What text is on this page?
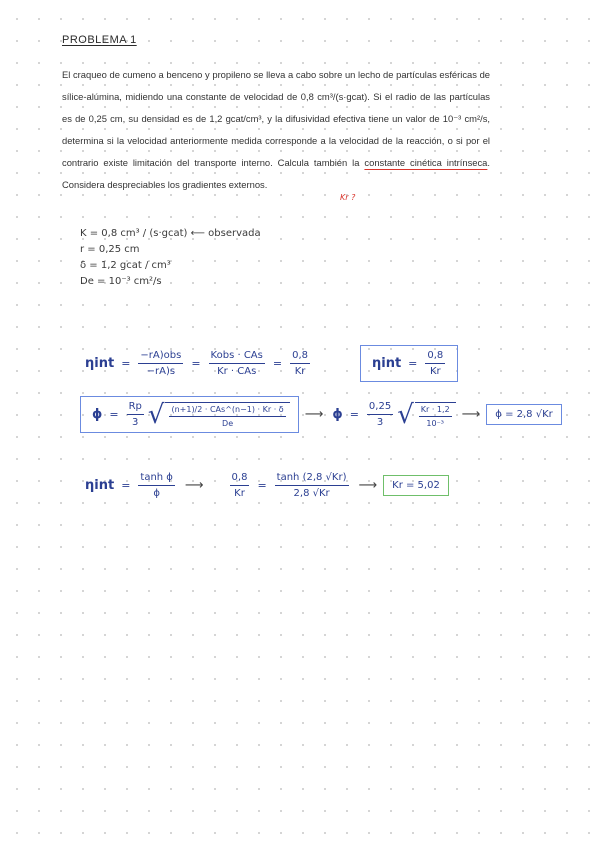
PROBLEMA 1
El craqueo de cumeno a benceno y propileno se lleva a cabo sobre un lecho de partículas esféricas de sílice-alúmina, midiendo una constante de velocidad de 0,8 cm³/(s·gcat). Si el radio de las partículas es de 0,25 cm, su densidad es de 1,2 gcat/cm³, y la difusividad efectiva tiene un valor de 10⁻³ cm²/s, determina si la velocidad anteriormente medida corresponde a la velocidad de la reacción, o si por el contrario existe limitación del transporte interno. Calcula también la constante cinética intrínseca. Considera despreciables los gradientes externos.
Kr ?
K = 0,8 cm³ / (s·gcat) ⟵ observada
r = 0,25 cm
δ = 1,2 gcat / cm³
De = 10⁻³ cm²/s
$\eta int = \frac{\text{−rA)obs}}{-rA)s} = \frac{\text{Kobs · CAs}}{\text{Kr · CAs}} = \frac{0,8}{Kr}$	$\eta int = \frac{0,8}{Kr}$
$\phi = \frac{Rp}{3}$ √ $\frac{\text{(n+1)/2 · CAs\textasciicircum{}(n−1) · Kr · δ}}{De}$ ⟶ $\phi = \frac{0,25}{3}$ √ $\frac{Kr \cdot 1,2}{\text{10⁻³}}$ ⟶ ϕ = 2,8 √Kr
$\eta int = \frac{\text{tanh ϕ}}{\phi}$ ⟶	$\frac{0,8}{Kr} = \frac{\tanh (2,8 √Kr)}{2,8 √Kr}$ ⟶ Kr = 5,02
